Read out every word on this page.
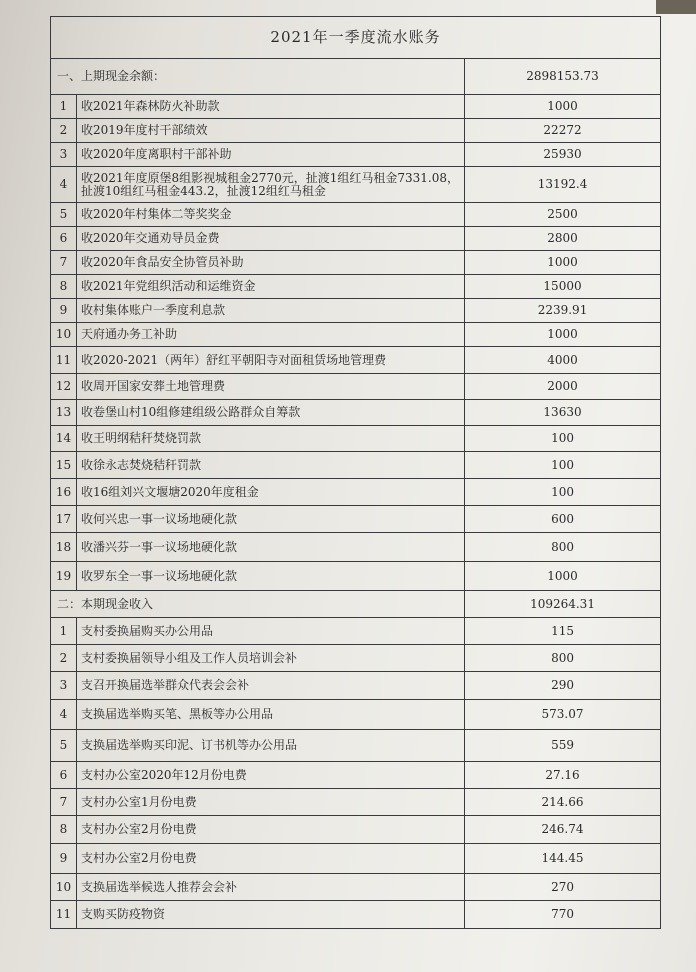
2021年一季度流水账务		
一、上期现金余额：		2898153.73
1	收2021年森林防火补助款	1000
2	收2019年度村干部绩效	22272
3	收2020年度离职村干部补助	25930
4	收2021年度原堡8组影视城租金2770元，扯渡1组红马租金7331.08，扯渡10组红马租金443.2，扯渡12组红马租金	13192.4
5	收2020年村集体二等奖奖金	2500
6	收2020年交通劝导员金费	2800
7	收2020年食品安全协管员补助	1000
8	收2021年党组织活动和运维资金	15000
9	收村集体账户一季度利息款	2239.91
10	天府通办务工补助	1000
11	收2020-2021（两年）舒红平朝阳寺对面租赁场地管理费	4000
12	收周开国家安葬土地管理费	2000
13	收卷堡山村10组修建组级公路群众自筹款	13630
14	收王明纲秸秆焚烧罚款	100
15	收徐永志焚烧秸秆罚款	100
16	收16组刘兴文堰塘2020年度租金	100
17	收何兴忠一事一议场地硬化款	600
18	收潘兴芬一事一议场地硬化款	800
19	收罗东全一事一议场地硬化款	1000
二：本期现金收入		109264.31
1	支村委换届购买办公用品	115
2	支村委换届领导小组及工作人员培训会补	800
3	支召开换届选举群众代表会会补	290
4	支换届选举购买笔、黑板等办公用品	573.07
5	支换届选举购买印泥、订书机等办公用品	559
6	支村办公室2020年12月份电费	27.16
7	支村办公室1月份电费	214.66
8	支村办公室2月份电费	246.74
9	支村办公室2月份电费	144.45
10	支换届选举候选人推荐会会补	270
11	支购买防疫物资	770
